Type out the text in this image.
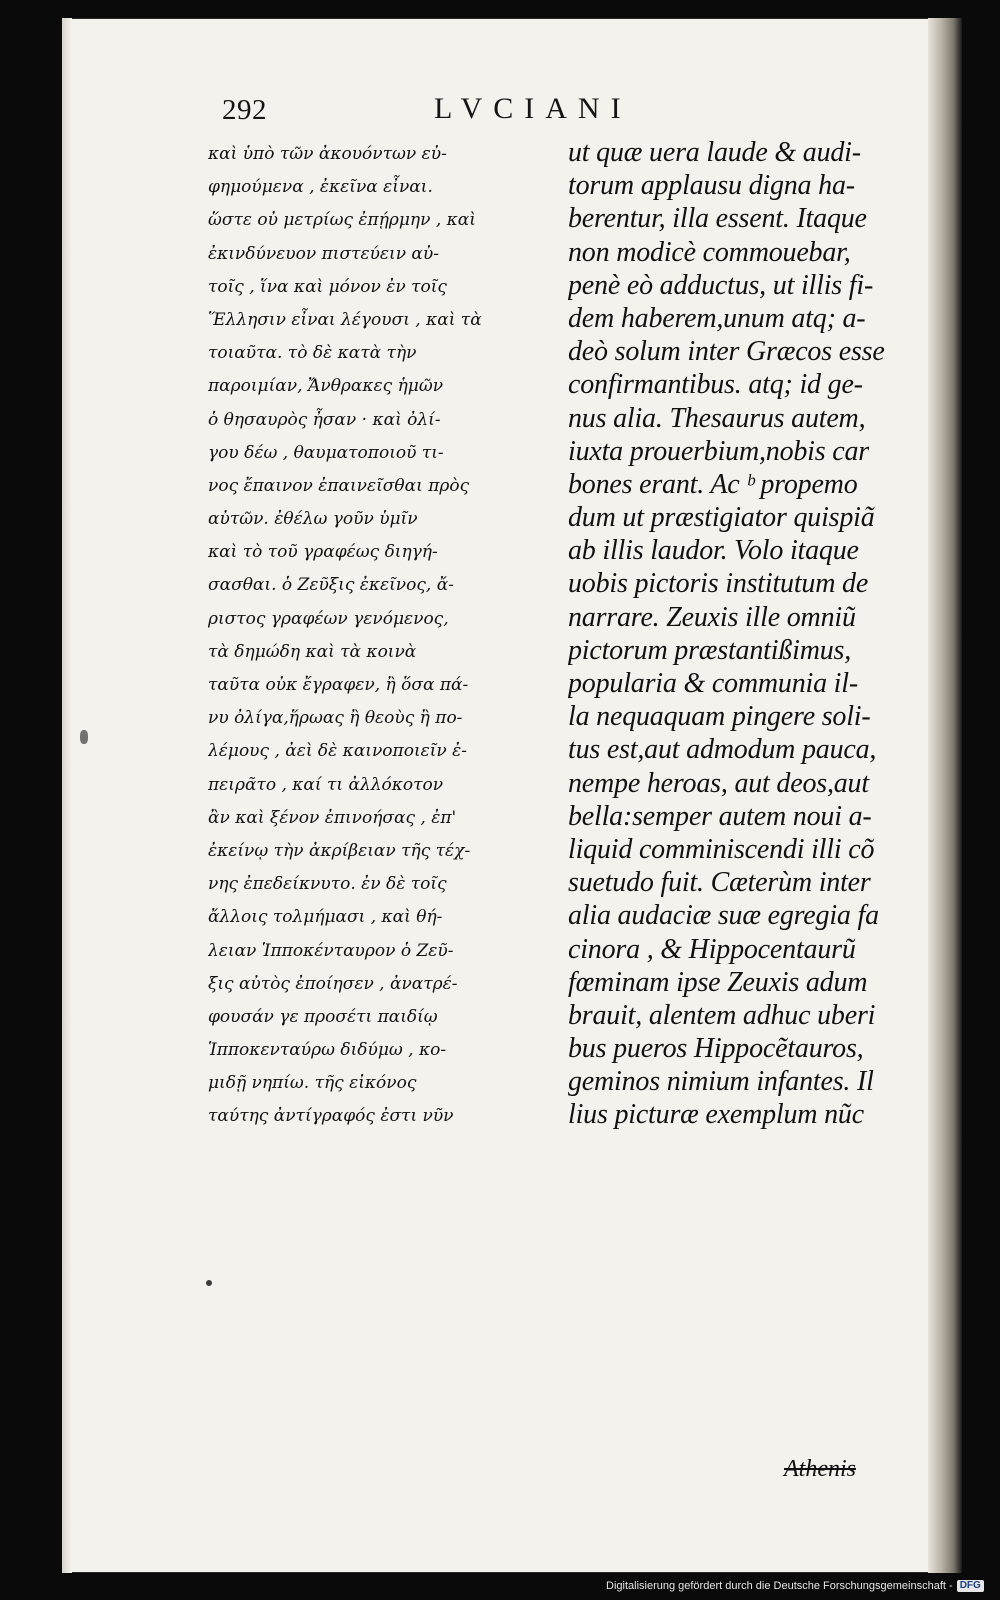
292	LVCIANI
καὶ ὑπὸ τῶν ἀκουόντων εὐ-
φημούμενα , ἐκεῖνα εἶναι.
ὥστε οὐ μετρίως ἐπῄρμην , καὶ
ἐκινδύνευον πιστεύειν αὐ-
τοῖς , ἵνα καὶ μόνον ἐν τοῖς
Ἕλλησιν εἶναι λέγουσι , καὶ τὰ
τοιαῦτα. τὸ δὲ κατὰ τὴν
παροιμίαν, Ἄνθρακες ἡμῶν
ὁ θησαυρὸς ἦσαν · καὶ ὀλί-
γου δέω , θαυματοποιοῦ τι-
νος ἔπαινον ἐπαινεῖσθαι πρὸς
αὐτῶν. ἐθέλω γοῦν ὑμῖν
καὶ τὸ τοῦ γραφέως διηγή-
σασθαι. ὁ Ζεῦξις ἐκεῖνος, ἄ-
ριστος γραφέων γενόμενος,
τὰ δημώδη καὶ τὰ κοινὰ
ταῦτα οὐκ ἔγραφεν, ἢ ὅσα πά-
νυ ὀλίγα,ἥρωας ἢ θεοὺς ἢ πο-
λέμους , ἀεὶ δὲ καινοποιεῖν ἐ-
πειρᾶτο , καί τι ἀλλόκοτον
ἂν καὶ ξένον ἐπινοήσας , ἐπ'
ἐκείνῳ τὴν ἀκρίβειαν τῆς τέχ-
νης ἐπεδείκνυτο. ἐν δὲ τοῖς
ἄλλοις τολμήμασι , καὶ θή-
λειαν Ἱπποκένταυρον ὁ Ζεῦ-
ξις αὐτὸς ἐποίησεν , ἀνατρέ-
φουσάν γε προσέτι παιδίῳ
Ἱπποκενταύρω διδύμω , κο-
μιδῇ νηπίω. τῆς εἰκόνος
ταύτης ἀντίγραφός ἐστι νῦν
ut quæ uera laude & audi-
torum applausu digna ha-
berentur, illa essent. Itaque
non modicè commouebar,
penè eò adductus, ut illis fi-
dem haberem,unum atq; a-
deò solum inter Græcos esse
confirmantibus. atq; id ge-
nus alia. Thesaurus autem,
iuxta prouerbium,nobis car
bones erant. Ac ᵇ propemo
dum ut præstigiator quispiã
ab illis laudor. Volo itaque
uobis pictoris institutum de
narrare. Zeuxis ille omniũ
pictorum præstantißimus,
popularia & communia il-
la nequaquam pingere soli-
tus est,aut admodum pauca,
nempe heroas, aut deos,aut
bella:semper autem noui a-
liquid comminiscendi illi cõ
suetudo fuit. Cæterùm inter
alia audaciæ suæ egregia fa
cinora , & Hippocentaurũ
fœminam ipse Zeuxis adum
brauit, alentem adhuc uberi
bus pueros Hippocẽtauros,
geminos nimium infantes. Il
lius picturæ exemplum nũc
Athenis
Digitalisierung gefördert durch die Deutsche Forschungsgemeinschaft - DFG
